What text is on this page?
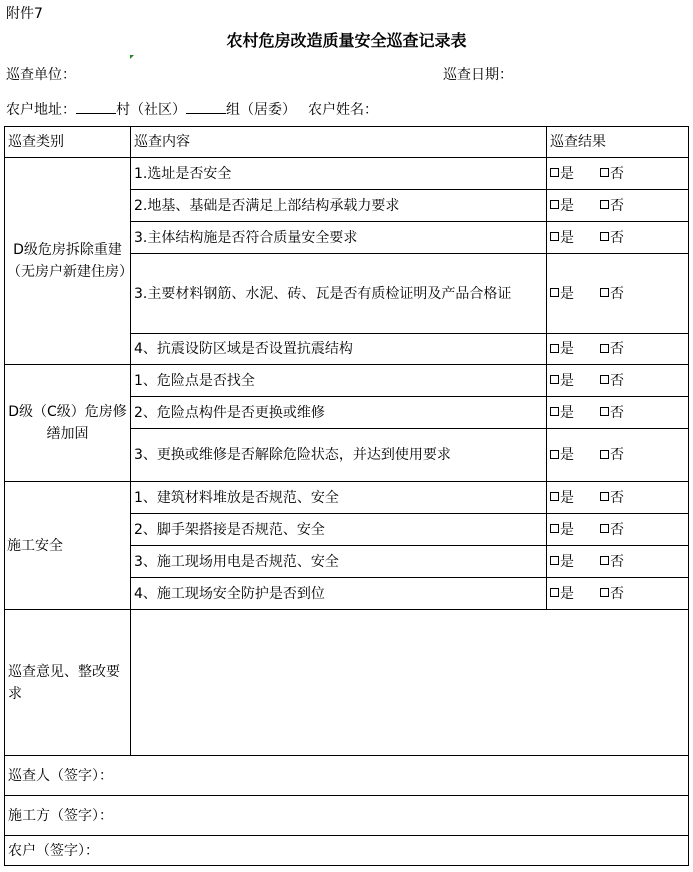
附件7
农村危房改造质量安全巡查记录表
巡查单位：	巡查日期：
农户地址：	村（社区）	组（居委） 农户姓名：
巡查类别	巡查内容	巡查结果
D级危房拆除重建（无房户新建住房）	1.选址是否安全	是 否
	2.地基、基础是否满足上部结构承载力要求	是 否
	3.主体结构施是否符合质量安全要求	是 否
	3.主要材料钢筋、水泥、砖、瓦是否有质检证明及产品合格证	是 否
	4、抗震设防区域是否设置抗震结构	是 否
D级（C级）危房修缮加固	1、危险点是否找全	是 否
	2、危险点构件是否更换或维修	是 否
	3、更换或维修是否解除危险状态，并达到使用要求	是 否
施工安全	1、建筑材料堆放是否规范、安全	是 否
	2、脚手架搭接是否规范、安全	是 否
	3、施工现场用电是否规范、安全	是 否
	4、施工现场安全防护是否到位	是 否
巡查意见、整改要求		
巡查人（签字）：		
施工方（签字）：		
农户（签字）：		
